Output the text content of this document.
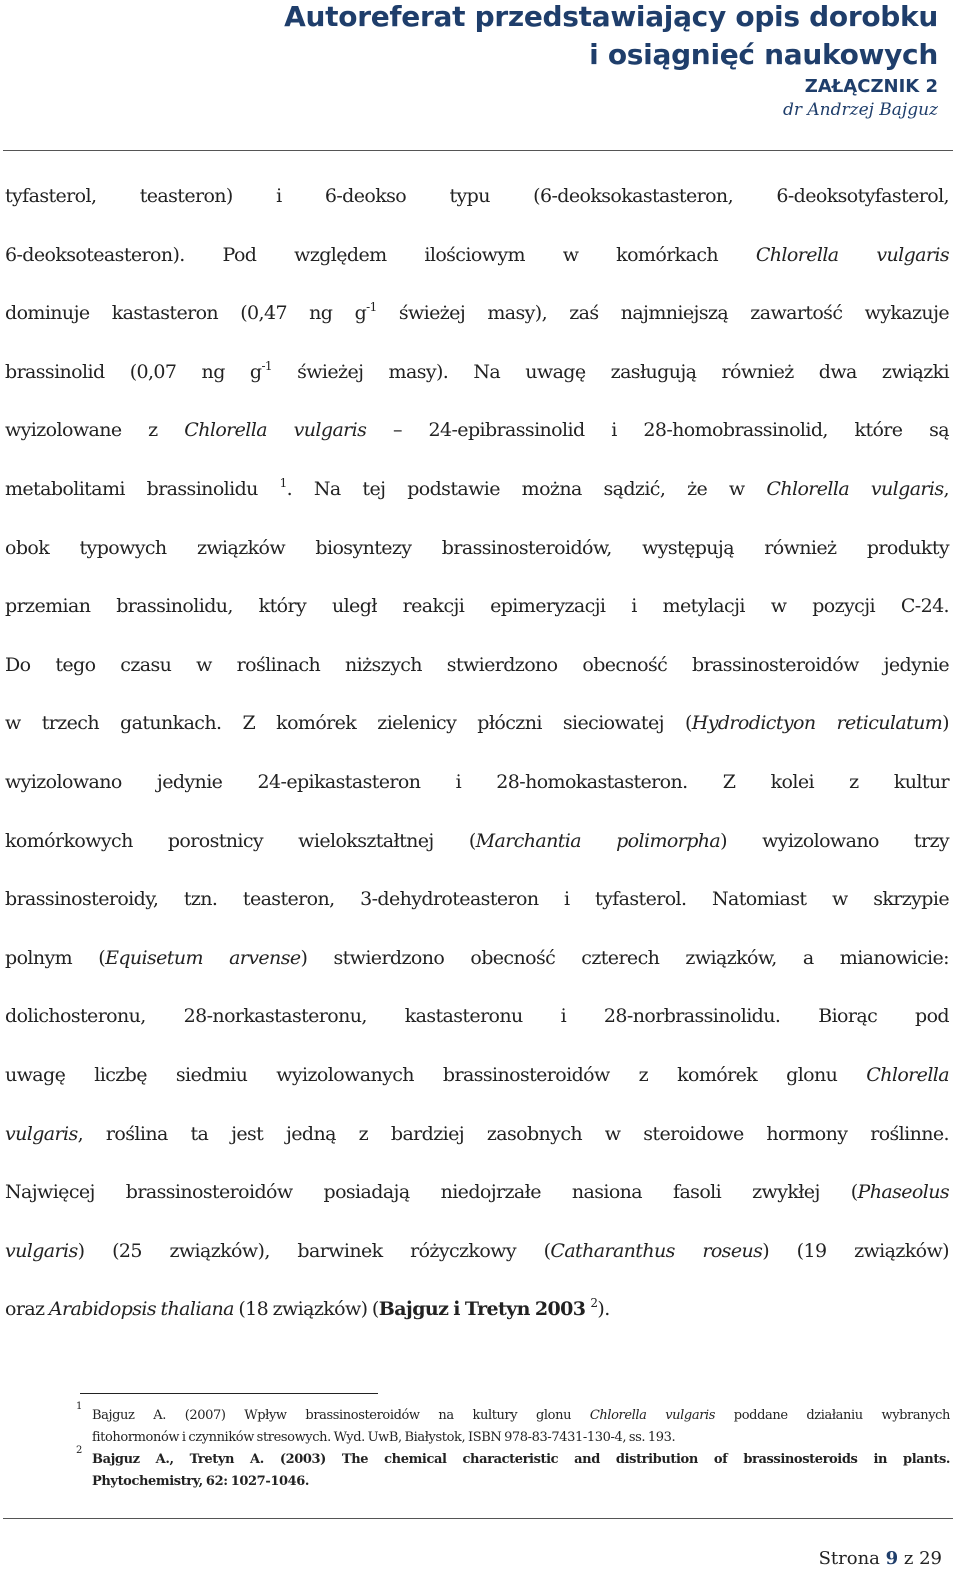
Autoreferat przedstawiający opis dorobku
i osiągnięć naukowych
ZAŁĄCZNIK 2
dr Andrzej Bajguz
tyfasterol, teasteron) i 6-deokso typu (6-deoksokastasteron, 6-deoksotyfasterol,
6-deoksoteasteron). Pod względem ilościowym w komórkach Chlorella vulgaris
dominuje kastasteron (0,47 ng $g^{-1}$ świeżej masy), zaś najmniejszą zawartość wykazuje
brassinolid (0,07 ng $g^{-1}$ świeżej masy). Na uwagę zasługują również dwa związki
wyizolowane z Chlorella vulgaris – 24-epibrassinolid i 28-homobrassinolid, które są
metabolitami brassinolidu $^1$. Na tej podstawie można sądzić, że w Chlorella vulgaris,
obok typowych związków biosyntezy brassinosteroidów, występują również produkty
przemian brassinolidu, który uległ reakcji epimeryzacji i metylacji w pozycji C-24.
Do tego czasu w roślinach niższych stwierdzono obecność brassinosteroidów jedynie
w trzech gatunkach. Z komórek zielenicy płóczni sieciowatej (Hydrodictyon reticulatum)
wyizolowano jedynie 24-epikastasteron i 28-homokastasteron. Z kolei z kultur
komórkowych porostnicy wielokształtnej (Marchantia polimorpha) wyizolowano trzy
brassinosteroidy, tzn. teasteron, 3-dehydroteasteron i tyfasterol. Natomiast w skrzypie
polnym (Equisetum arvense) stwierdzono obecność czterech związków, a mianowicie:
dolichosteronu, 28-norkastasteronu, kastasteronu i 28-norbrassinolidu. Biorąc pod
uwagę liczbę siedmiu wyizolowanych brassinosteroidów z komórek glonu Chlorella
vulgaris, roślina ta jest jedną z bardziej zasobnych w steroidowe hormony roślinne.
Najwięcej brassinosteroidów posiadają niedojrzałe nasiona fasoli zwykłej (Phaseolus
vulgaris) (25 związków), barwinek różyczkowy (Catharanthus roseus) (19 związków)
oraz Arabidopsis thaliana (18 związków) (Bajguz i Tretyn 2003 $^2$).
1
Bajguz A. (2007) Wpływ brassinosteroidów na kultury glonu Chlorella vulgaris poddane działaniu wybranych
fitohormonów i czynników stresowych. Wyd. UwB, Białystok, ISBN 978-83-7431-130-4, ss. 193.
2
Bajguz A., Tretyn A. (2003) The chemical characteristic and distribution of brassinosteroids in plants.
Phytochemistry, 62: 1027-1046.
Strona 9 z 29
